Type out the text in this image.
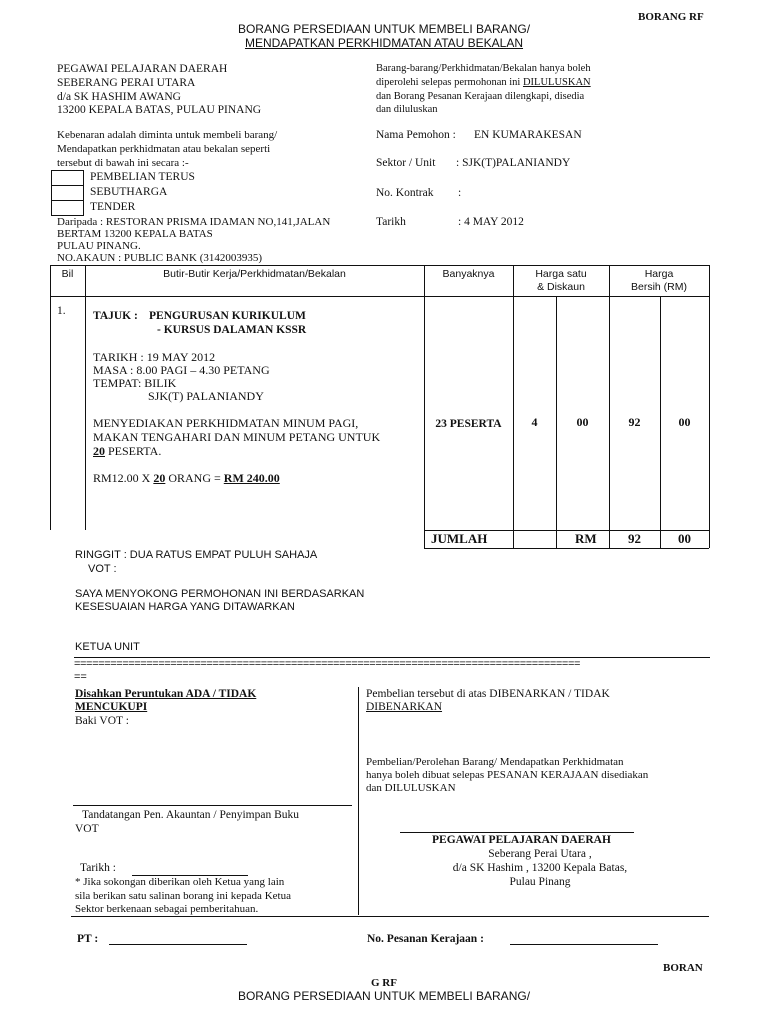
BORANG RF
BORANG PERSEDIAAN UNTUK MEMBELI BARANG/
MENDAPATKAN PERKHIDMATAN ATAU BEKALAN
PEGAWAI PELAJARAN DAERAH
SEBERANG PERAI UTARA
d/a SK HASHIM AWANG
13200 KEPALA BATAS, PULAU PINANG
Barang-barang/Perkhidmatan/Bekalan hanya boleh
diperolehi selepas permohonan ini DILULUSKAN
dan Borang Pesanan Kerajaan dilengkapi, disedia
dan diluluskan
Kebenaran adalah diminta untuk membeli barang/
Mendapatkan perkhidmatan atau bekalan seperti
tersebut di bawah ini secara :-
PEMBELIAN TERUS
SEBUTHARGA
TENDER
Nama Pemohon : EN KUMARAKESAN
Sektor / Unit : SJK(T)PALANIANDY
No. Kontrak :
Tarikh	: 4 MAY 2012
Daripada : RESTORAN PRISMA IDAMAN NO,141,JALAN
BERTAM 13200 KEPALA BATAS
PULAU PINANG.
NO.AKAUN : PUBLIC BANK (3142003935)
Bil	Butir-Butir Kerja/Perkhidmatan/Bekalan	Banyaknya	Harga satu
& Diskaun
Harga
Bersih (RM)
1. TAJUK : PENGURUSAN KURIKULUM
- KURSUS DALAMAN KSSR
TARIKH : 19 MAY 2012
MASA : 8.00 PAGI – 4.30 PETANG
TEMPAT: BILIK
SJK(T) PALANIANDY
MENYEDIAKAN PERKHIDMATAN MINUM PAGI,
MAKAN TENGAHARI DAN MINUM PETANG UNTUK
20 PESERTA.
RM12.00 X 20 ORANG = RM 240.00
23 PESERTA	4	00	92	00
JUMLAH	RM	92	00
RINGGIT : DUA RATUS EMPAT PULUH SAHAJA
VOT :
SAYA MENYOKONG PERMOHONAN INI BERDASARKAN
KESESUAIAN HARGA YANG DITAWARKAN
KETUA UNIT
====================================================================================
==
Disahkan Peruntukan ADA / TIDAK
MENCUKUPI
Baki VOT :
Tandatangan Pen. Akauntan / Penyimpan Buku
VOT
Tarikh :
* Jika sokongan diberikan oleh Ketua yang lain
sila berikan satu salinan borang ini kepada Ketua
Sektor berkenaan sebagai pemberitahuan.
Pembelian tersebut di atas DIBENARKAN / TIDAK
DIBENARKAN
Pembelian/Perolehan Barang/ Mendapatkan Perkhidmatan
hanya boleh dibuat selepas PESANAN KERAJAAN disediakan
dan DILULUSKAN
PEGAWAI PELAJARAN DAERAH
Seberang Perai Utara ,
d/a SK Hashim , 13200 Kepala Batas,
Pulau Pinang
PT :	No. Pesanan Kerajaan :
BORAN
G RF
BORANG PERSEDIAAN UNTUK MEMBELI BARANG/
